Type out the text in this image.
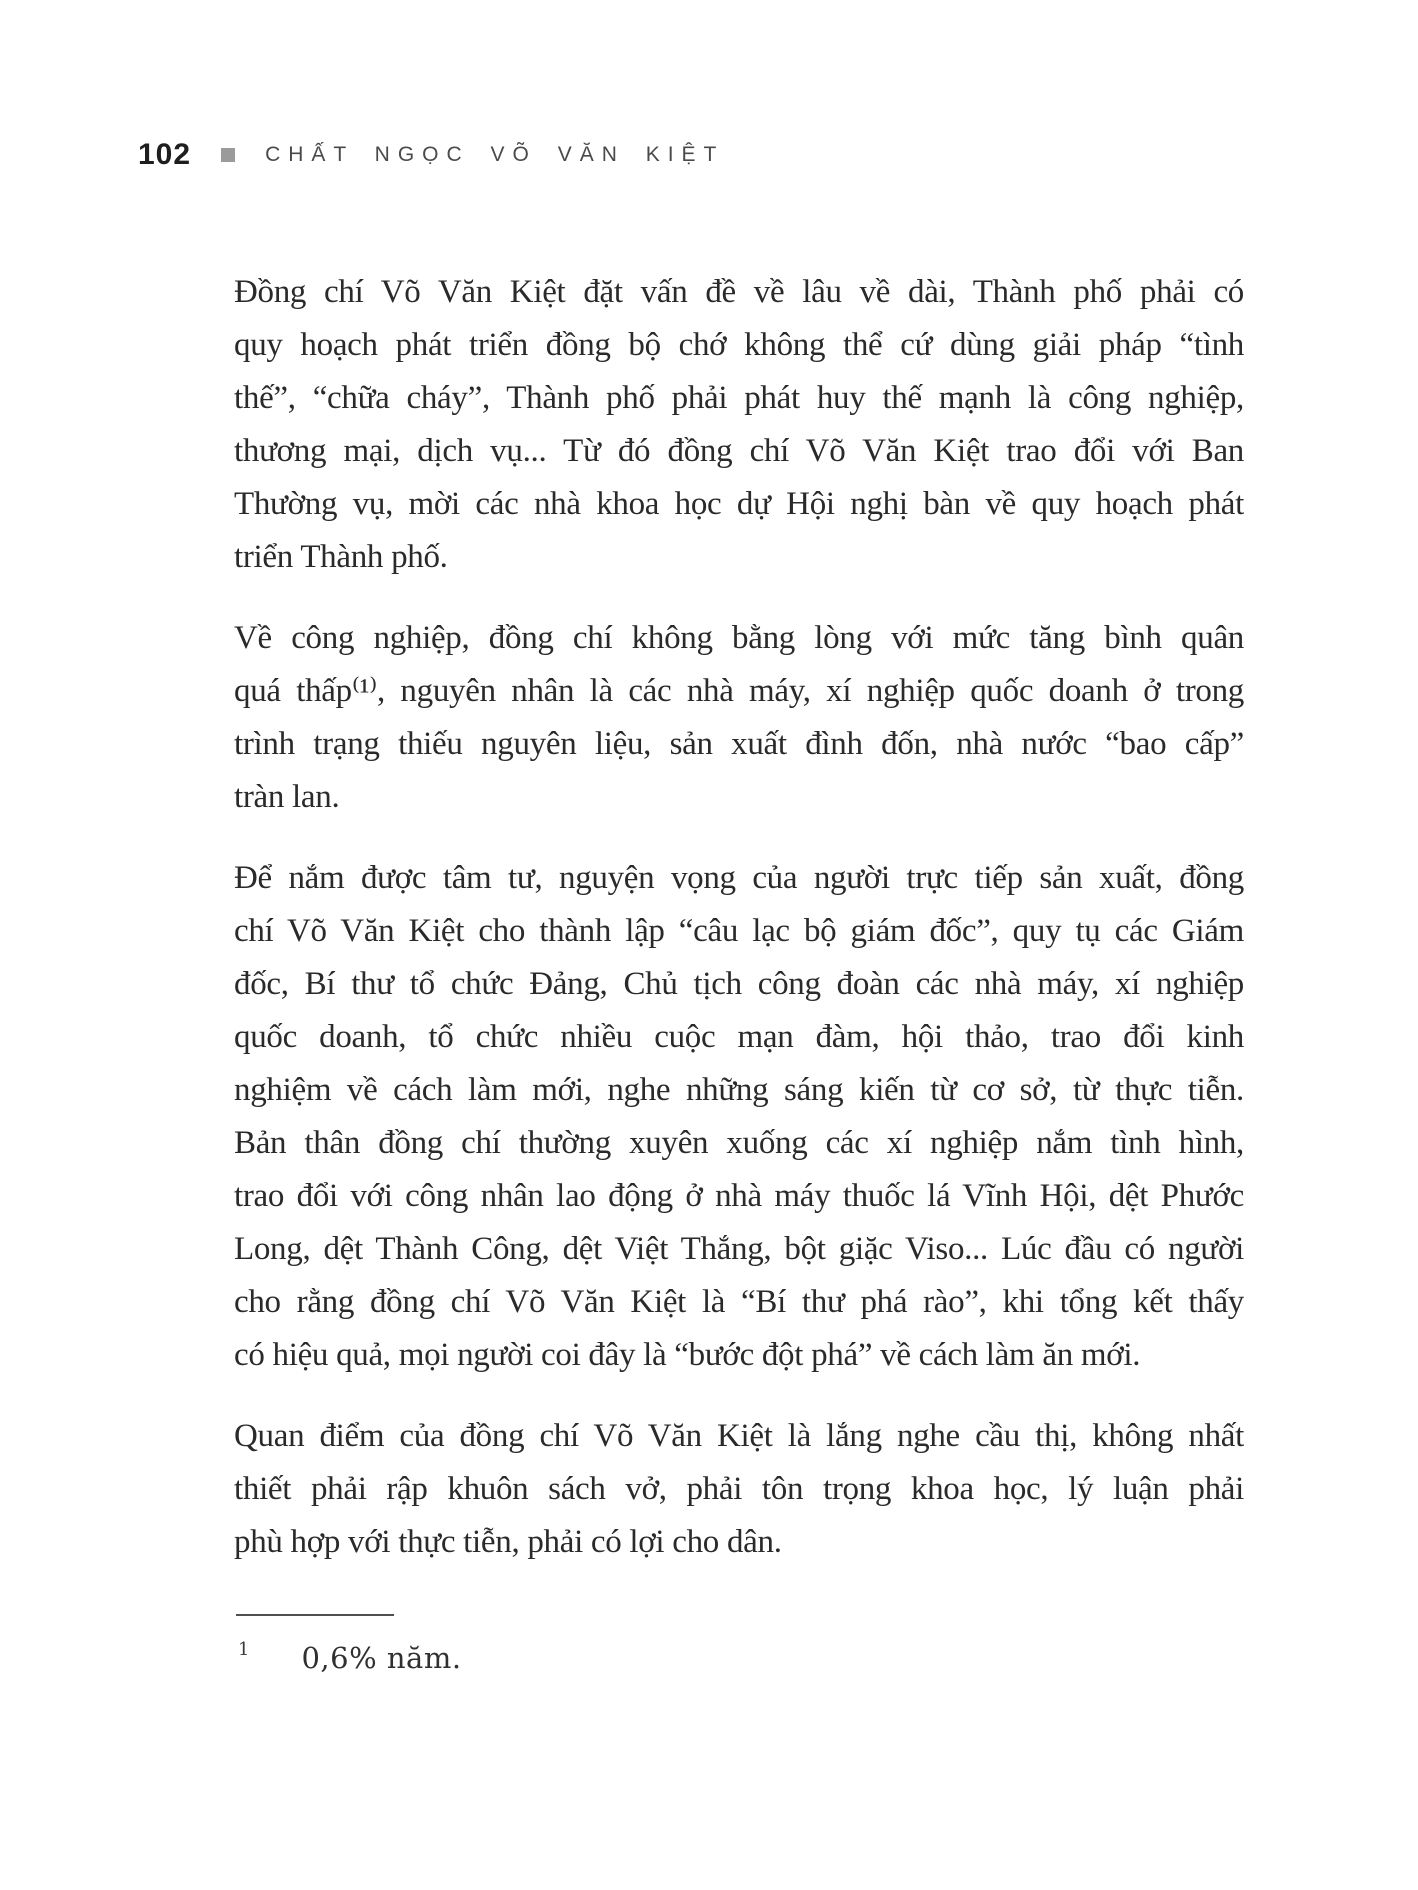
102	CHẤT NGỌC VÕ VĂN KIỆT
Đồng chí Võ Văn Kiệt đặt vấn đề về lâu về dài, Thành phố phải có
quy hoạch phát triển đồng bộ chớ không thể cứ dùng giải pháp “tình
thế”, “chữa cháy”, Thành phố phải phát huy thế mạnh là công nghiệp,
thương mại, dịch vụ... Từ đó đồng chí Võ Văn Kiệt trao đổi với Ban
Thường vụ, mời các nhà khoa học dự Hội nghị bàn về quy hoạch phát
triển Thành phố.
Về công nghiệp, đồng chí không bằng lòng với mức tăng bình quân
quá thấp⁽¹⁾, nguyên nhân là các nhà máy, xí nghiệp quốc doanh ở trong
trình trạng thiếu nguyên liệu, sản xuất đình đốn, nhà nước “bao cấp”
tràn lan.
Để nắm được tâm tư, nguyện vọng của người trực tiếp sản xuất, đồng
chí Võ Văn Kiệt cho thành lập “câu lạc bộ giám đốc”, quy tụ các Giám
đốc, Bí thư tổ chức Đảng, Chủ tịch công đoàn các nhà máy, xí nghiệp
quốc doanh, tổ chức nhiều cuộc mạn đàm, hội thảo, trao đổi kinh
nghiệm về cách làm mới, nghe những sáng kiến từ cơ sở, từ thực tiễn.
Bản thân đồng chí thường xuyên xuống các xí nghiệp nắm tình hình,
trao đổi với công nhân lao động ở nhà máy thuốc lá Vĩnh Hội, dệt Phước
Long, dệt Thành Công, dệt Việt Thắng, bột giặc Viso... Lúc đầu có người
cho rằng đồng chí Võ Văn Kiệt là “Bí thư phá rào”, khi tổng kết thấy
có hiệu quả, mọi người coi đây là “bước đột phá” về cách làm ăn mới.
Quan điểm của đồng chí Võ Văn Kiệt là lắng nghe cầu thị, không nhất
thiết phải rập khuôn sách vở, phải tôn trọng khoa học, lý luận phải
phù hợp với thực tiễn, phải có lợi cho dân.
1 0,6% năm.
